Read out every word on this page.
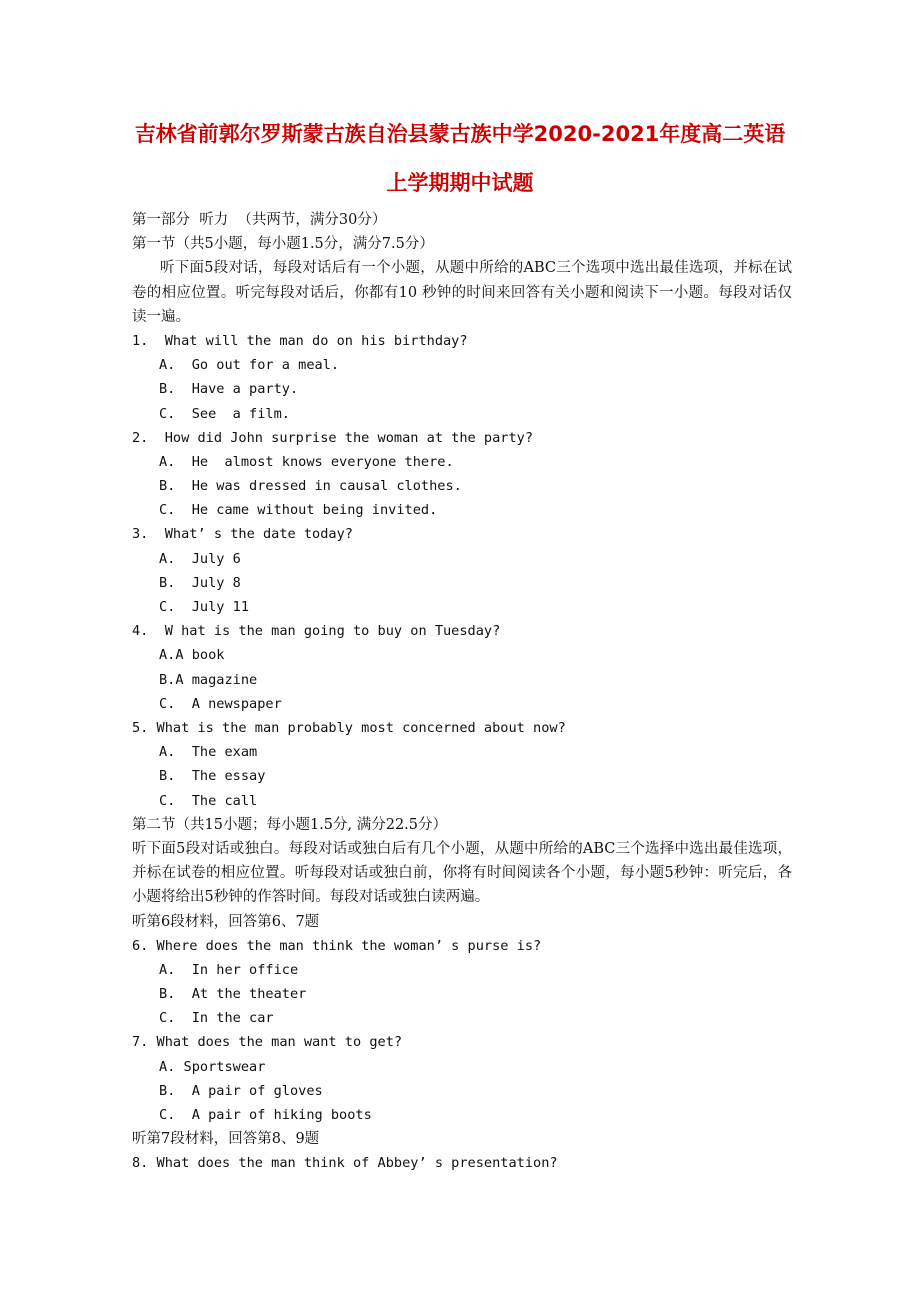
吉林省前郭尔罗斯蒙古族自治县蒙古族中学2020-2021年度高二英语
上学期期中试题
第一部分  听力  （共两节，满分30分）
第一节（共5小题，每小题1.5分，满分7.5分）
听下面5段对话，每段对话后有一个小题，从题中所给的ABC三个选项中选出最佳选项，并标在试卷的相应位置。听完每段对话后，你都有10 秒钟的时间来回答有关小题和阅读下一小题。每段对话仅读一遍。
1.  What will the man do on his birthday?
A.  Go out for a meal.
B.  Have a party.
C.  See  a film.
2.  How did John surprise the woman at the party?
A.  He  almost knows everyone there.
B.  He was dressed in causal clothes.
C.  He came without being invited.
3.  What’ s the date today?
A.  July 6
B.  July 8
C.  July 11
4.  W hat is the man going to buy on Tuesday?
A.A book
B.A magazine
C.  A newspaper
5. What is the man probably most concerned about now?
A.  The exam
B.  The essay
C.  The call
第二节（共15小题；每小题1.5分, 满分22.5分）
听下面5段对话或独白。每段对话或独白后有几个小题，从题中所给的ABC三个选择中选出最佳选项，并标在试卷的相应位置。听每段对话或独白前，你将有时间阅读各个小题，每小题5秒钟：听完后，各小题将给出5秒钟的作答时间。每段对话或独白读两遍。
听第6段材料，回答第6、7题
6. Where does the man think the woman’ s purse is?
A.  In her office
B.  At the theater
C.  In the car
7. What does the man want to get?
A. Sportswear
B.  A pair of gloves
C.  A pair of hiking boots
听第7段材料，回答第8、9题
8. What does the man think of Abbey’ s presentation?
